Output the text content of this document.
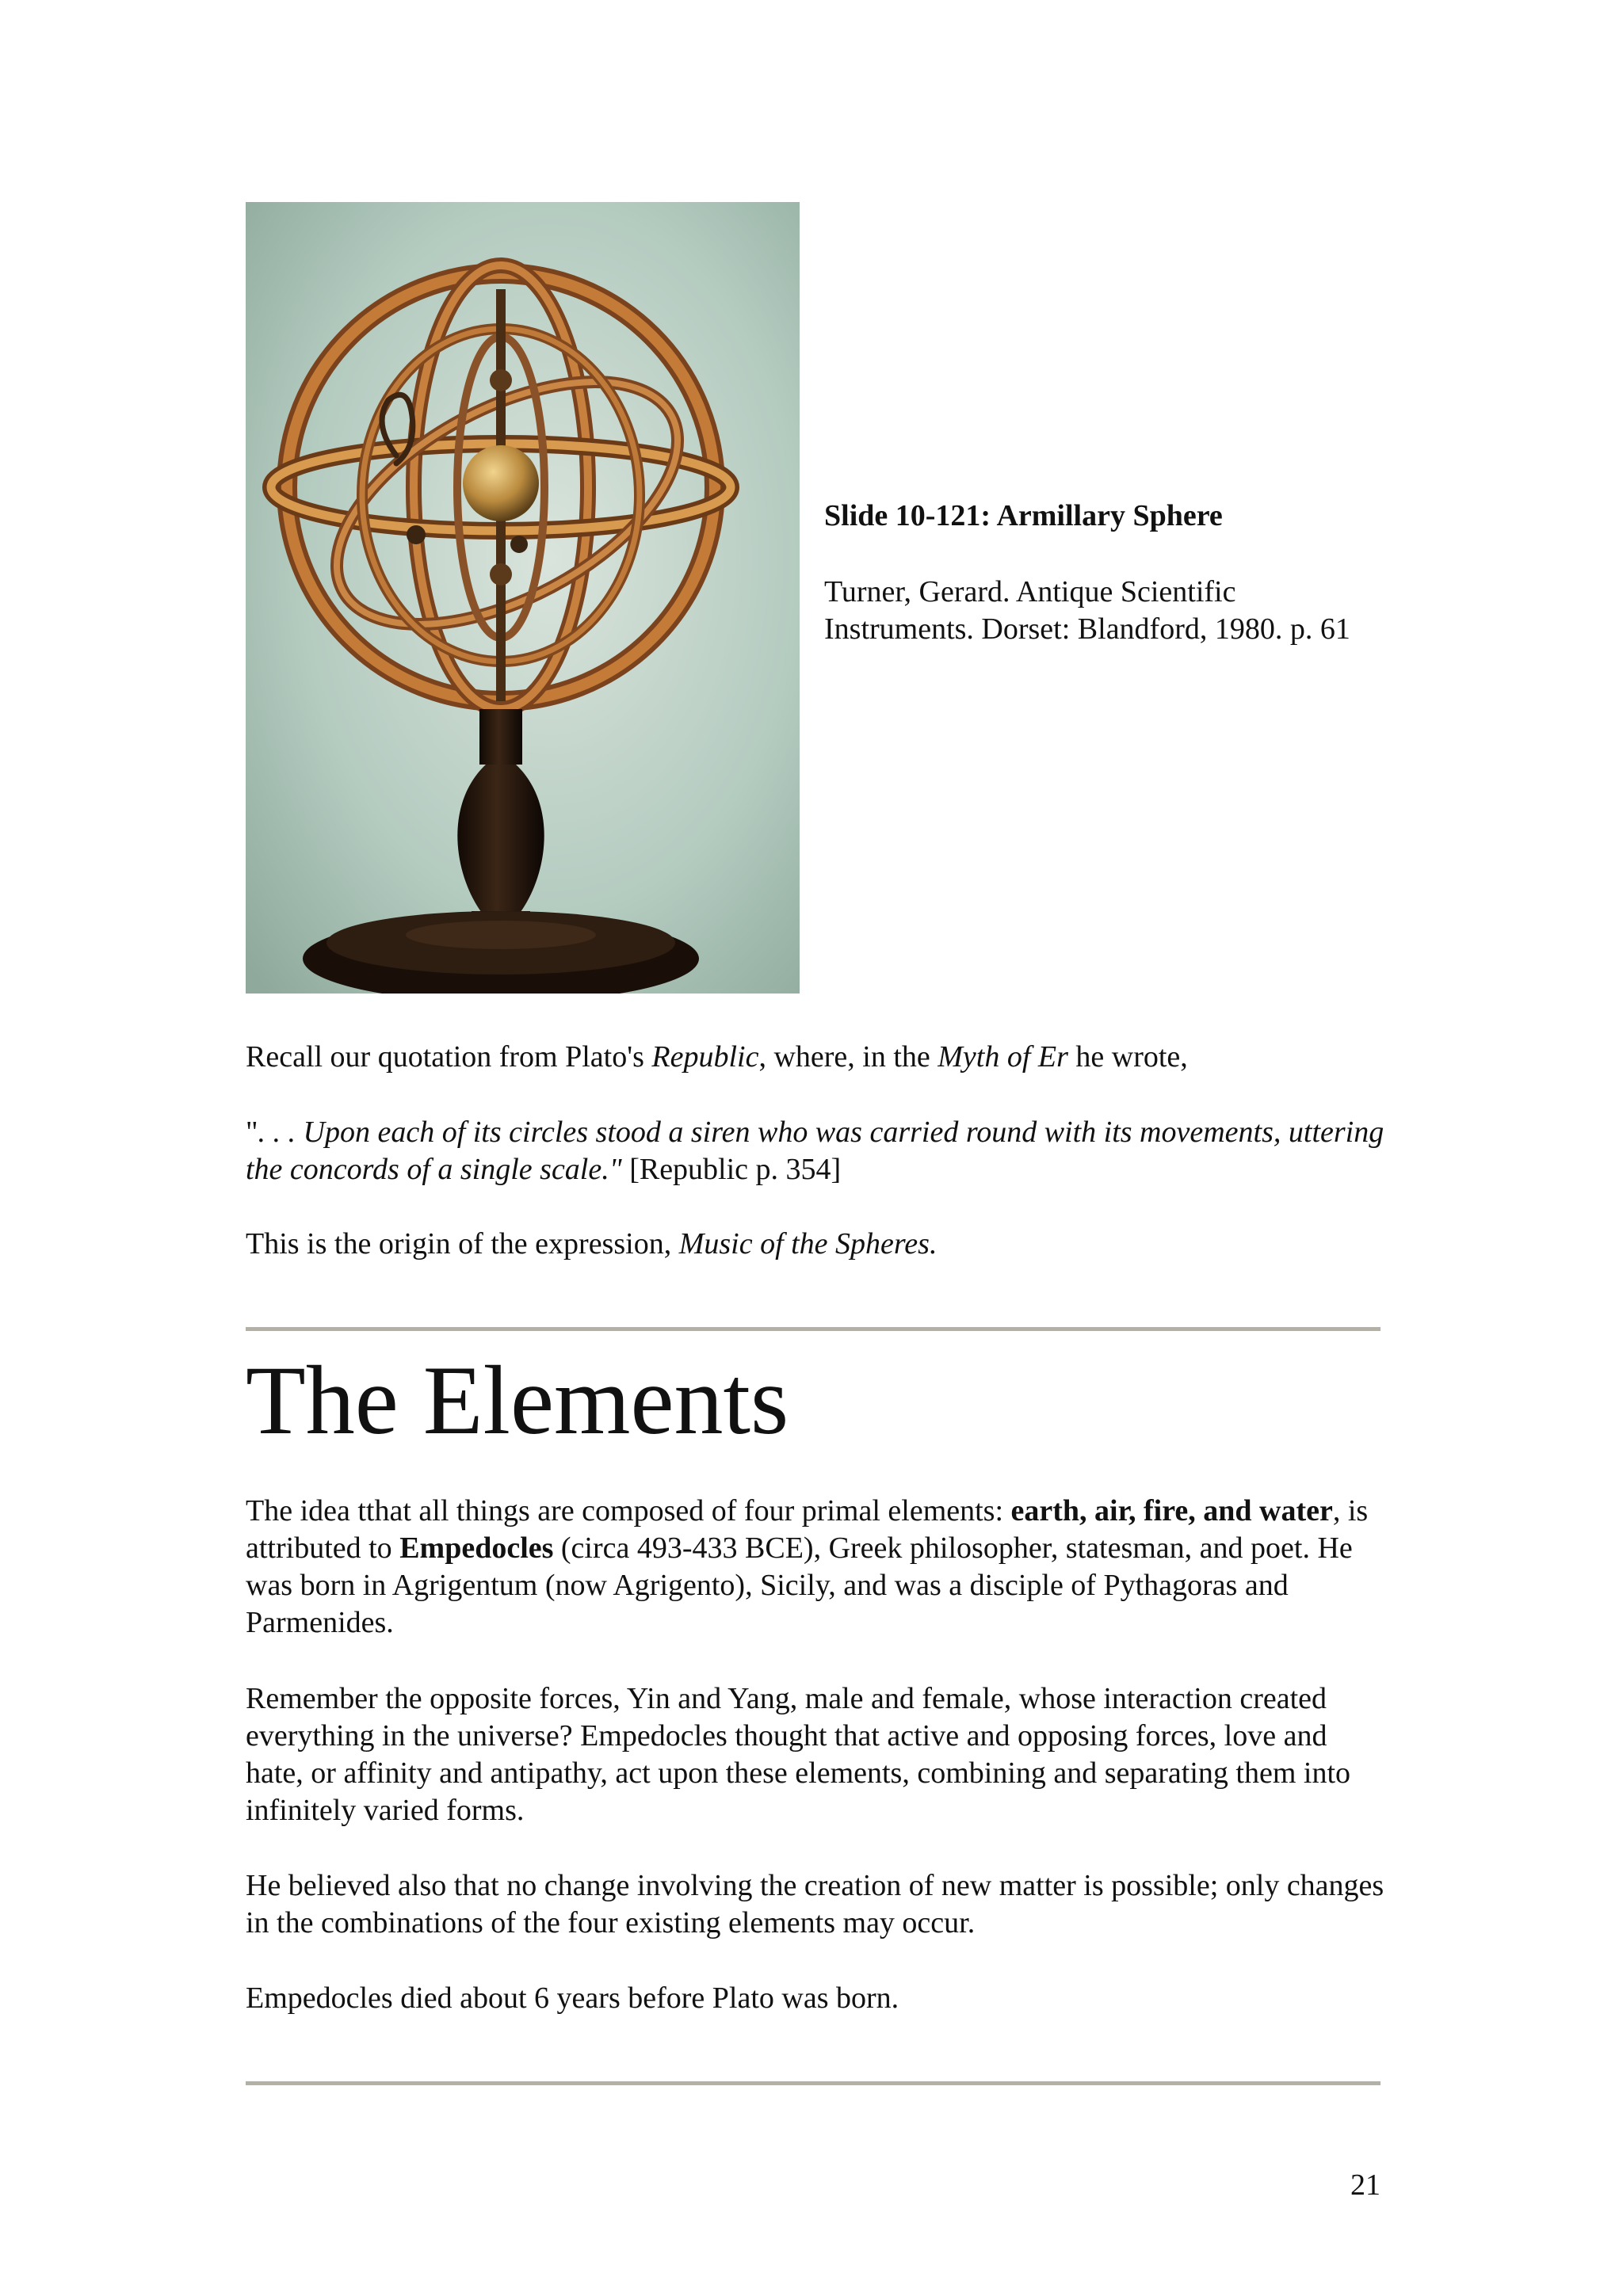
Slide 10-121: Armillary Sphere

Turner, Gerard. Antique Scientific Instruments. Dorset: Blandford, 1980. p. 61

Recall our quotation from Plato's Republic, where, in the Myth of Er he wrote,

". . . Upon each of its circles stood a siren who was carried round with its movements, uttering the concords of a single scale." [Republic p. 354]

This is the origin of the expression, Music of the Spheres.

The Elements

The idea tthat all things are composed of four primal elements: earth, air, fire, and water, is attributed to Empedocles (circa 493-433 BCE), Greek philosopher, statesman, and poet. He was born in Agrigentum (now Agrigento), Sicily, and was a disciple of Pythagoras and Parmenides.

Remember the opposite forces, Yin and Yang, male and female, whose interaction created everything in the universe? Empedocles thought that active and opposing forces, love and hate, or affinity and antipathy, act upon these elements, combining and separating them into infinitely varied forms.

He believed also that no change involving the creation of new matter is possible; only changes in the combinations of the four existing elements may occur.

Empedocles died about 6 years before Plato was born.

21
